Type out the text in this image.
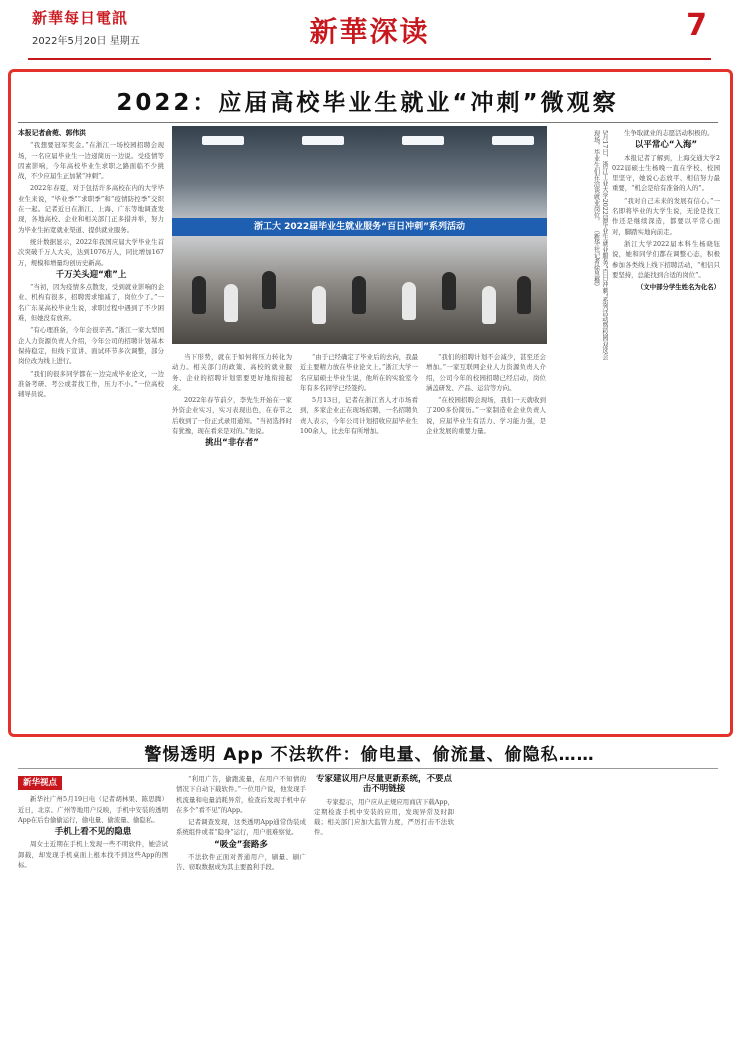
新華每日電訊
2022年5月20日 星期五	新華深读	7
2022：应届高校毕业生就业“冲刺”微观察

本报记者俞菀、郭伟洪

“我想要冠军奖金。”在浙江一场校园招聘会现场，一名应届毕业生一边递简历一边说。受疫情等因素影响，今年高校毕业生求职之路面临不少挑战，不少应届生正加紧“冲刺”。

2022年春夏，对于包括许多高校在内的大学毕业生来说，“毕业季”“求职季”和“疫情防控季”交织在一起。记者近日在浙江、上海、广东等地调查发现，各地高校、企业和相关部门正多措并举，努力为毕业生拓宽就业渠道、提供就业服务。

统计数据显示，2022年我国应届大学毕业生首次突破千万人大关，达到1076万人，同比增加167万，规模和增量均创历史新高。

千万关头迎“难”上

“当初，因为疫情多点散发，受到就业影响的企业、机构有很多，招聘需求缩减了，岗位少了。”一名广东某高校毕业生说，求职过程中遇到了不少困难，但她没有放弃。

“有心理准备，今年会很辛苦。”浙江一家大型国企人力资源负责人介绍，今年公司的招聘计划基本保持稳定，但线下宣讲、面试环节多次调整，部分岗位改为线上进行。

“我们的很多同学都在一边完成毕业论文，一边准备考研、考公或者找工作，压力不小。”一位高校辅导员说。

浙工大 2022届毕业生就业服务“百日冲刺”系列活动	5月17日，浙江工业大学2022届毕业生就业服务“百日冲刺”系列活动暨校园双选会现场，毕业生们在洽谈就业岗位。 （新华社记者徐昱摄）

当下形势，就在于如何将压力转化为动力。相关部门的政策、高校的就业服务、企业的招聘计划需要更好地衔接起来。

2022年春节前夕，李先生开始在一家外资企业实习，实习表现出色，在春节之后收到了一份正式录用通知。“当初选择时有犹豫，现在看来是对的。”他说。

挑出“非存者”

“由于已经确定了毕业后的去向，我最近主要精力放在毕业论文上。”浙江大学一名应届硕士毕业生说，他所在的实验室今年有多名同学已经签约。

5月13日，记者在浙江省人才市场看到，多家企业正在现场招聘，一名招聘负责人表示，今年公司计划招收应届毕业生100余人，比去年有所增加。

“我们的招聘计划不会减少，甚至还会增加。”一家互联网企业人力资源负责人介绍，公司今年的校园招聘已经启动，岗位涵盖研发、产品、运营等方向。

“在校园招聘会现场，我们一天就收到了200多份简历。”一家制造业企业负责人说，应届毕业生有活力、学习能力强，是企业发展的重要力量。

生争取就业的志愿活动积极的。

以平常心“入海”

本报记者了解到，上海交通大学2022届硕士生杨晚一直在学校、校园里坚守，她说心态放平、相信努力最重要，“机会是给有准备的人的”。

“我对自己未来的发展有信心。”一名即将毕业的大学生说，无论是找工作还是继续深造，都要以平常心面对，脚踏实地向前走。

浙江大学2022届本科生杨晓钰说，她和同学们都在调整心态，积极参加各类线上线下招聘活动，“相信只要坚持，总能找到合适的岗位”。

（文中部分学生姓名为化名）

警惕透明 App 不法软件：偷电量、偷流量、偷隐私……
新华视点

新华社广州5月19日电（记者胡林果、陈思腾）近日，北京、广州等地用户反映，手机中安装的透明App在后台偷偷运行，偷电量、偷流量、偷隐私。

手机上看不见的隐患

周女士近期在手机上发现一些不明软件，她尝试卸载，却发现手机桌面上根本找不到这些App的图标。

“利用广告，偷跑流量，在用户不知情的情况下自动下载软件。”一位用户说，他发现手机流量和电量消耗异常，检查后发现手机中存在多个“看不见”的App。

记者调查发现，这类透明App通常伪装成系统组件或者“隐身”运行，用户很难察觉。

“吸金”套路多

不法软件正面对普通用户，刷量、刷广告、窃取数据成为其主要盈利手段。

专家建议用户尽量更新系统，不要点击不明链接

专家提示，用户应从正规应用商店下载App，定期检查手机中安装的应用，发现异常及时卸载；相关部门应加大监管力度，严厉打击不法软件。
